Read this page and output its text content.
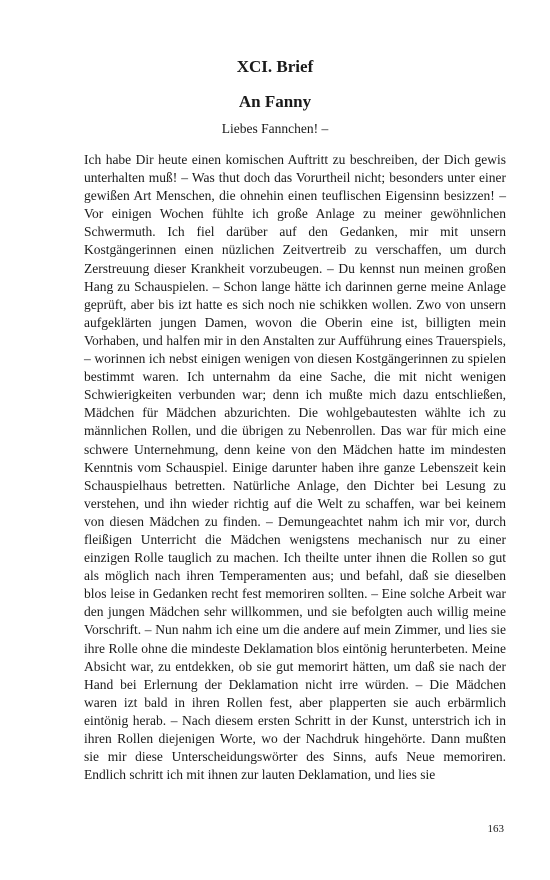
XCI. Brief
An Fanny
Liebes Fannchen! –

Ich habe Dir heute einen komischen Auftritt zu beschreiben, der Dich gewis unterhalten muß! – Was thut doch das Vorurtheil nicht; besonders unter einer gewißen Art Menschen, die ohnehin einen teuflischen Eigensinn besizzen! – Vor einigen Wochen fühlte ich große Anlage zu meiner gewöhnlichen Schwermuth. Ich fiel darüber auf den Gedanken, mir mit unsern Kostgängerinnen einen nüzlichen Zeitvertreib zu verschaffen, um durch Zerstreuung dieser Krankheit vorzubeugen. – Du kennst nun meinen großen Hang zu Schauspielen. – Schon lange hätte ich darinnen gerne meine Anlage geprüft, aber bis izt hatte es sich noch nie schikken wollen. Zwo von unsern aufgeklärten jungen Damen, wovon die Oberin eine ist, billigten mein Vorhaben, und halfen mir in den Anstalten zur Aufführung eines Trauerspiels, – worinnen ich nebst einigen wenigen von diesen Kostgängerinnen zu spielen bestimmt waren. Ich unternahm da eine Sache, die mit nicht wenigen Schwierigkeiten verbunden war; denn ich mußte mich dazu entschließen, Mädchen für Mädchen abzurichten. Die wohlgebautesten wählte ich zu männlichen Rollen, und die übrigen zu Nebenrollen. Das war für mich eine schwere Unternehmung, denn keine von den Mädchen hatte im mindesten Kenntnis vom Schauspiel. Einige darunter haben ihre ganze Lebenszeit kein Schauspielhaus betretten. Natürliche Anlage, den Dichter bei Lesung zu verstehen, und ihn wieder richtig auf die Welt zu schaffen, war bei keinem von diesen Mädchen zu finden. – Demungeachtet nahm ich mir vor, durch fleißigen Unterricht die Mädchen wenigstens mechanisch nur zu einer einzigen Rolle tauglich zu machen. Ich theilte unter ihnen die Rollen so gut als möglich nach ihren Temperamenten aus; und befahl, daß sie dieselben blos leise in Gedanken recht fest memoriren sollten. – Eine solche Arbeit war den jungen Mädchen sehr willkommen, und sie befolgten auch willig meine Vorschrift. – Nun nahm ich eine um die andere auf mein Zimmer, und lies sie ihre Rolle ohne die mindeste Deklamation blos eintönig herunterbeten. Meine Absicht war, zu entdekken, ob sie gut memorirt hätten, um daß sie nach der Hand bei Erlernung der Deklamation nicht irre würden. – Die Mädchen waren izt bald in ihren Rollen fest, aber plapperten sie auch erbärmlich eintönig herab. – Nach diesem ersten Schritt in der Kunst, unterstrich ich in ihren Rollen diejenigen Worte, wo der Nachdruk hingehörte. Dann mußten sie mir diese Unterscheidungswörter des Sinns, aufs Neue memoriren. Endlich schritt ich mit ihnen zur lauten Deklamation, und lies sie

163
